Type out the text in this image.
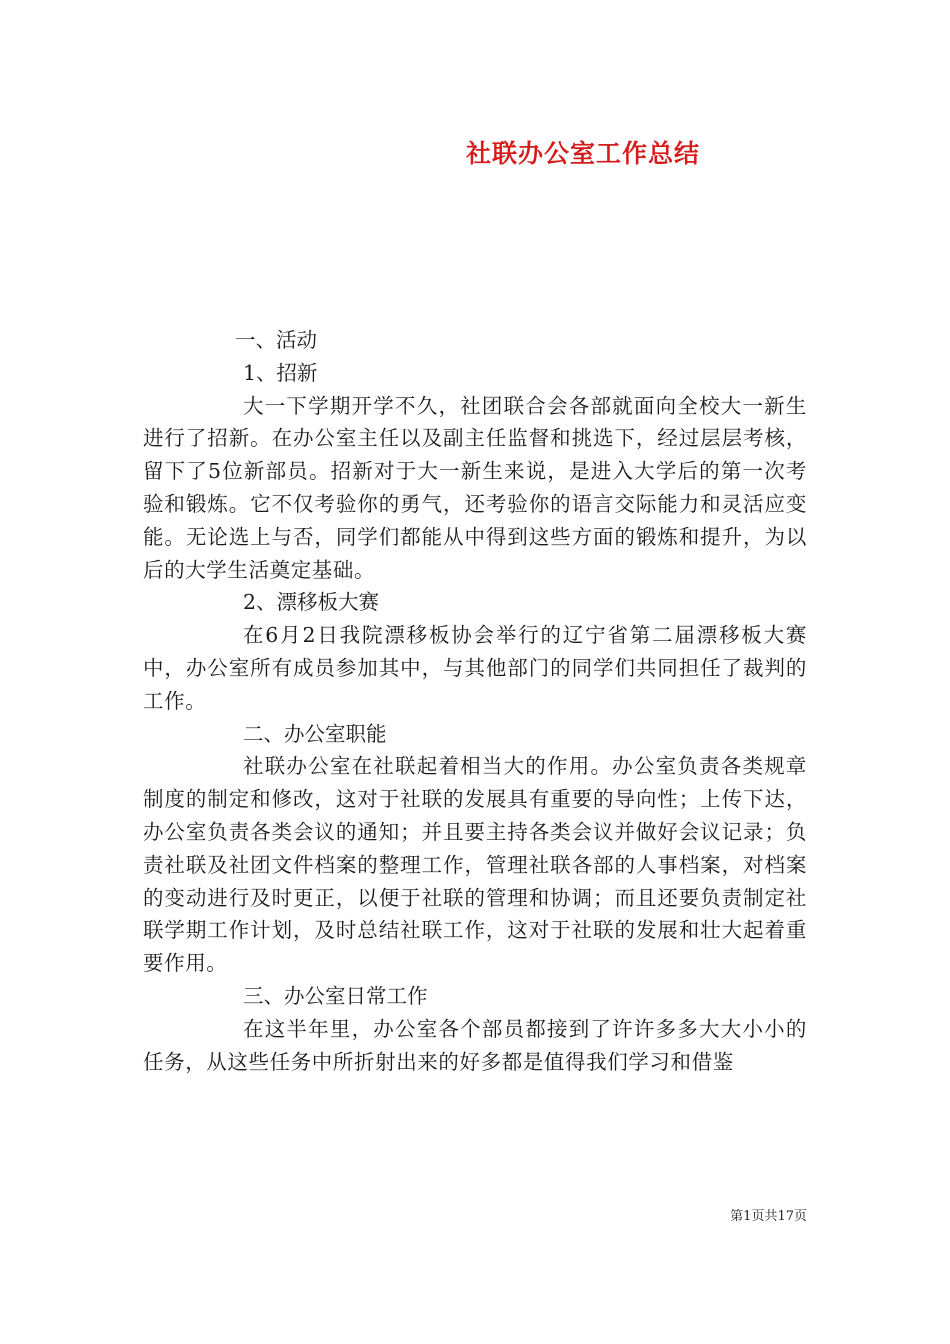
社联办公室工作总结

一、活动

1、招新

大一下学期开学不久，社团联合会各部就面向全校大一新生进行了招新。在办公室主任以及副主任监督和挑选下，经过层层考核，留下了5位新部员。招新对于大一新生来说，是进入大学后的第一次考验和锻炼。它不仅考验你的勇气，还考验你的语言交际能力和灵活应变能。无论选上与否，同学们都能从中得到这些方面的锻炼和提升，为以后的大学生活奠定基础。

2、漂移板大赛

在6月2日我院漂移板协会举行的辽宁省第二届漂移板大赛中，办公室所有成员参加其中，与其他部门的同学们共同担任了裁判的工作。

二、办公室职能

社联办公室在社联起着相当大的作用。办公室负责各类规章制度的制定和修改，这对于社联的发展具有重要的导向性；上传下达，办公室负责各类会议的通知；并且要主持各类会议并做好会议记录；负责社联及社团文件档案的整理工作，管理社联各部的人事档案，对档案的变动进行及时更正，以便于社联的管理和协调；而且还要负责制定社联学期工作计划，及时总结社联工作，这对于社联的发展和壮大起着重要作用。

三、办公室日常工作

在这半年里，办公室各个部员都接到了许许多多大大小小的任务，从这些任务中所折射出来的好多都是值得我们学习和借鉴

第1页共17页
